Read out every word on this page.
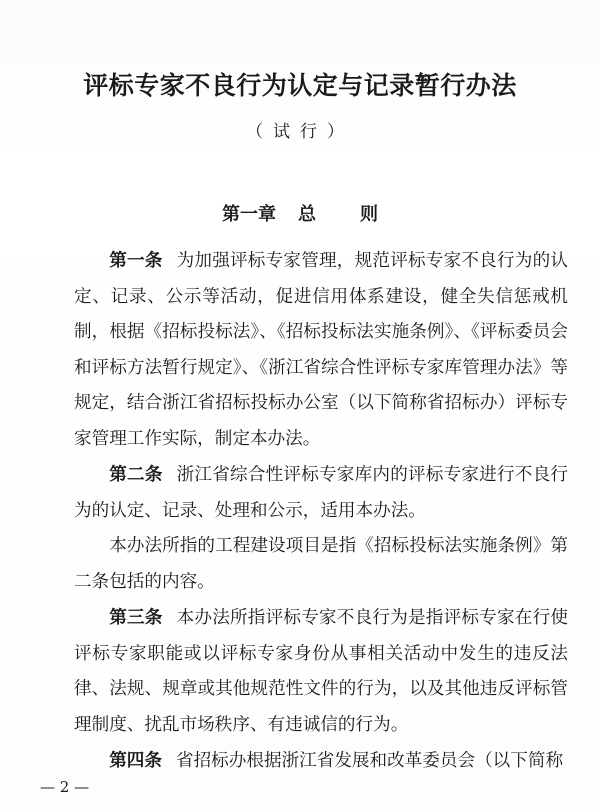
评标专家不良行为认定与记录暂行办法
（试行）
第一章 总 则

第一条 为加强评标专家管理，规范评标专家不良行为的认定、记录、公示等活动，促进信用体系建设，健全失信惩戒机制，根据《招标投标法》、《招标投标法实施条例》、《评标委员会和评标方法暂行规定》、《浙江省综合性评标专家库管理办法》等规定，结合浙江省招标投标办公室（以下简称省招标办）评标专家管理工作实际，制定本办法。

第二条 浙江省综合性评标专家库内的评标专家进行不良行为的认定、记录、处理和公示，适用本办法。

本办法所指的工程建设项目是指《招标投标法实施条例》第二条包括的内容。

第三条 本办法所指评标专家不良行为是指评标专家在行使评标专家职能或以评标专家身份从事相关活动中发生的违反法律、法规、规章或其他规范性文件的行为，以及其他违反评标管理制度、扰乱市场秩序、有违诚信的行为。

第四条 省招标办根据浙江省发展和改革委员会（以下简称

— 2 —
